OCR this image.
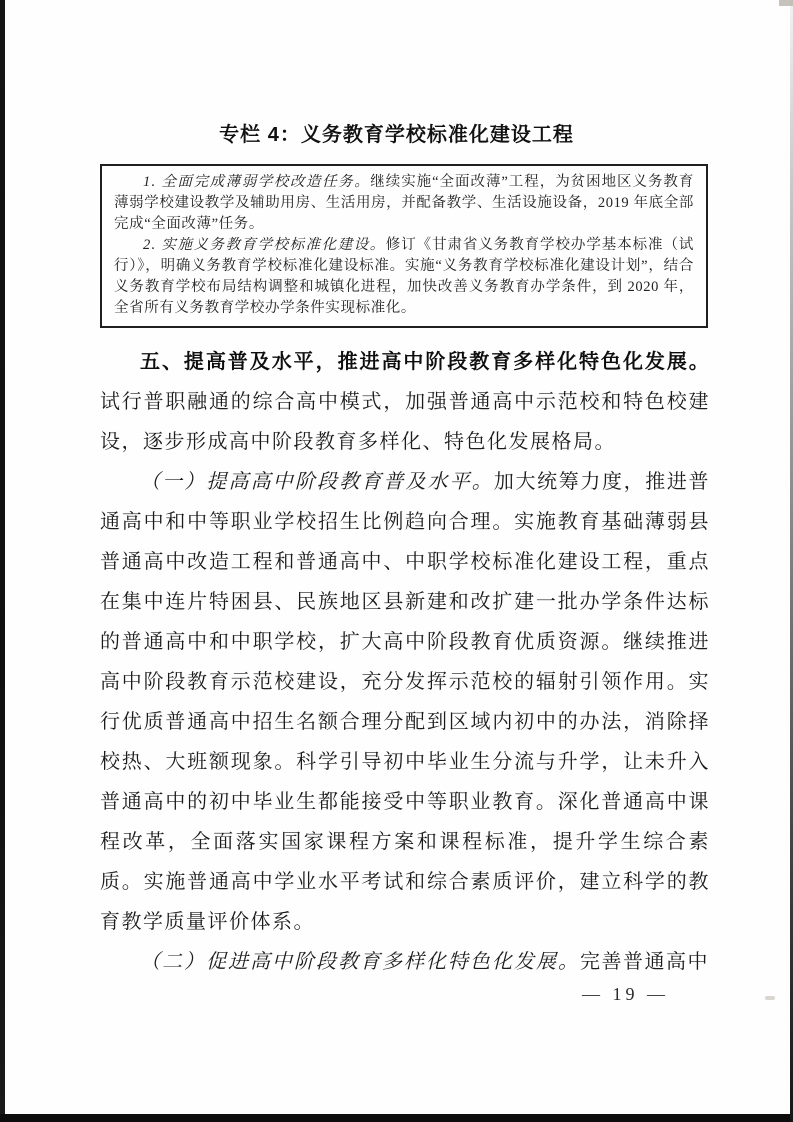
专栏 4：义务教育学校标准化建设工程

1. 全面完成薄弱学校改造任务。继续实施“全面改薄”工程，为贫困地区义务教育薄弱学校建设教学及辅助用房、生活用房，并配备教学、生活设施设备，2019 年底全部完成“全面改薄”任务。

2. 实施义务教育学校标准化建设。修订《甘肃省义务教育学校办学基本标准（试行）》，明确义务教育学校标准化建设标准。实施“义务教育学校标准化建设计划”，结合义务教育学校布局结构调整和城镇化进程，加快改善义务教育办学条件，到 2020 年，全省所有义务教育学校办学条件实现标准化。

五、提高普及水平，推进高中阶段教育多样化特色化发展。试行普职融通的综合高中模式，加强普通高中示范校和特色校建设，逐步形成高中阶段教育多样化、特色化发展格局。

（一）提高高中阶段教育普及水平。加大统筹力度，推进普通高中和中等职业学校招生比例趋向合理。实施教育基础薄弱县普通高中改造工程和普通高中、中职学校标准化建设工程，重点在集中连片特困县、民族地区县新建和改扩建一批办学条件达标的普通高中和中职学校，扩大高中阶段教育优质资源。继续推进高中阶段教育示范校建设，充分发挥示范校的辐射引领作用。实行优质普通高中招生名额合理分配到区域内初中的办法，消除择校热、大班额现象。科学引导初中毕业生分流与升学，让未升入普通高中的初中毕业生都能接受中等职业教育。深化普通高中课程改革，全面落实国家课程方案和课程标准，提升学生综合素质。实施普通高中学业水平考试和综合素质评价，建立科学的教育教学质量评价体系。

（二）促进高中阶段教育多样化特色化发展。完善普通高中

— 19 —
